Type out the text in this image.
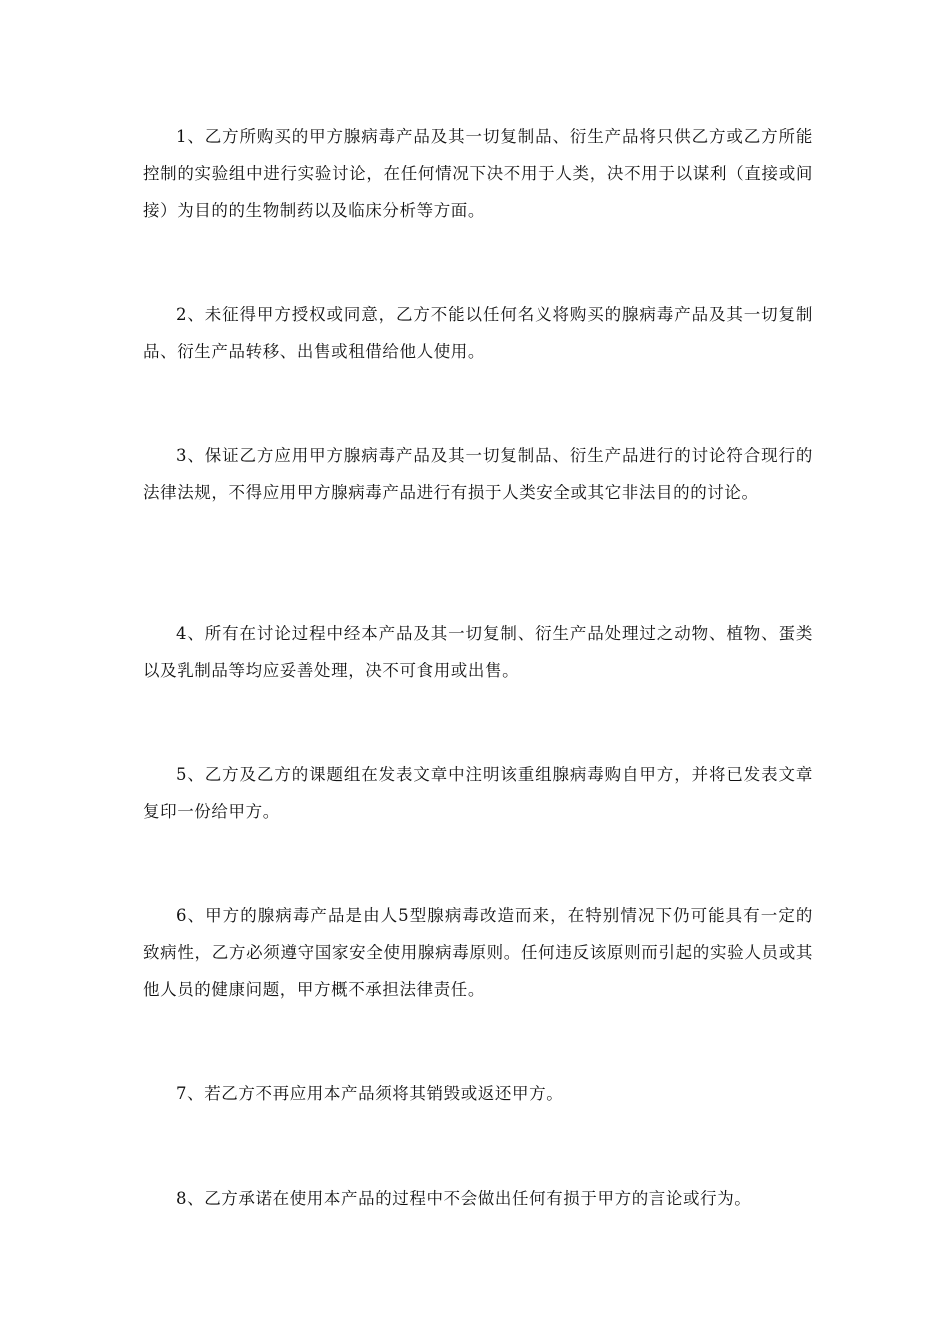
1、乙方所购买的甲方腺病毒产品及其一切复制品、衍生产品将只供乙方或乙方所能控制的实验组中进行实验讨论，在任何情况下决不用于人类，决不用于以谋利（直接或间接）为目的的生物制药以及临床分析等方面。

2、未征得甲方授权或同意，乙方不能以任何名义将购买的腺病毒产品及其一切复制品、衍生产品转移、出售或租借给他人使用。

3、保证乙方应用甲方腺病毒产品及其一切复制品、衍生产品进行的讨论符合现行的法律法规，不得应用甲方腺病毒产品进行有损于人类安全或其它非法目的的讨论。

4、所有在讨论过程中经本产品及其一切复制、衍生产品处理过之动物、植物、蛋类以及乳制品等均应妥善处理，决不可食用或出售。

5、乙方及乙方的课题组在发表文章中注明该重组腺病毒购自甲方，并将已发表文章复印一份给甲方。

6、甲方的腺病毒产品是由人5型腺病毒改造而来，在特别情况下仍可能具有一定的致病性，乙方必须遵守国家安全使用腺病毒原则。任何违反该原则而引起的实验人员或其他人员的健康问题，甲方概不承担法律责任。

7、若乙方不再应用本产品须将其销毁或返还甲方。

8、乙方承诺在使用本产品的过程中不会做出任何有损于甲方的言论或行为。
